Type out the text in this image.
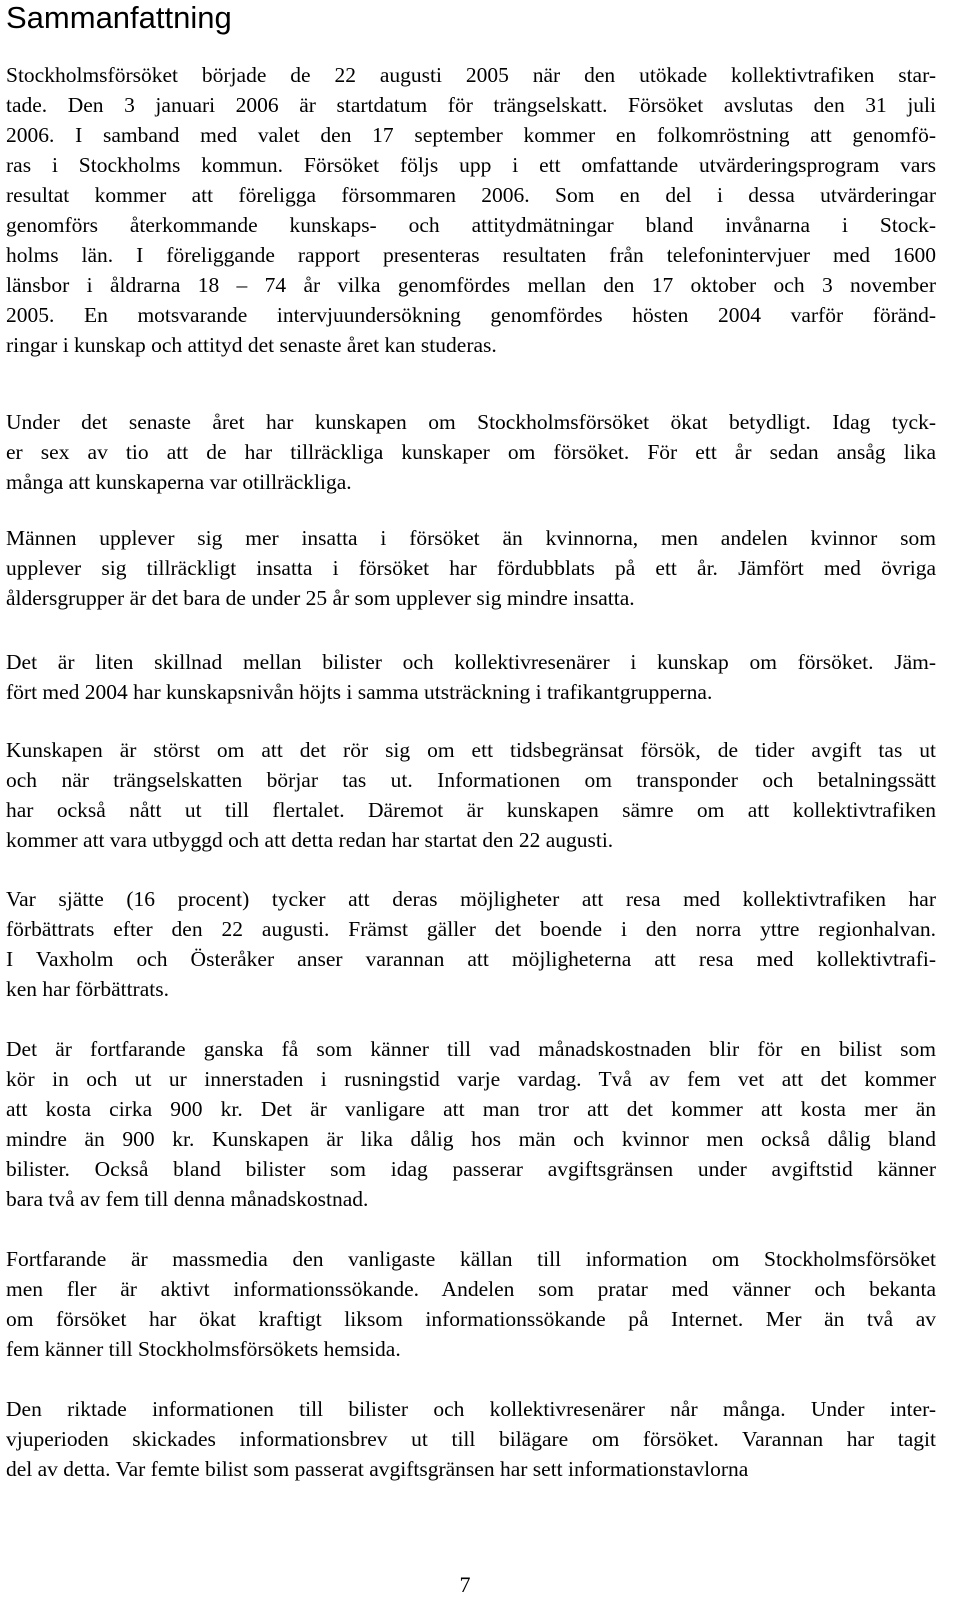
Sammanfattning

Stockholmsförsöket började de 22 augusti 2005 när den utökade kollektivtrafiken star-
tade. Den 3 januari 2006 är startdatum för trängselskatt. Försöket avslutas den 31 juli
2006. I samband med valet den 17 september kommer en folkomröstning att genomfö-
ras i Stockholms kommun. Försöket följs upp i ett omfattande utvärderingsprogram vars
resultat kommer att föreligga försommaren 2006. Som en del i dessa utvärderingar
genomförs återkommande kunskaps- och attitydmätningar bland invånarna i Stock-
holms län. I föreliggande rapport presenteras resultaten från telefonintervjuer med 1600
länsbor i åldrarna 18 – 74 år vilka genomfördes mellan den 17 oktober och 3 november
2005. En motsvarande intervjuundersökning genomfördes hösten 2004 varför föränd-
ringar i kunskap och attityd det senaste året kan studeras.

Under det senaste året har kunskapen om Stockholmsförsöket ökat betydligt. Idag tyck-
er sex av tio att de har tillräckliga kunskaper om försöket. För ett år sedan ansåg lika
många att kunskaperna var otillräckliga.

Männen upplever sig mer insatta i försöket än kvinnorna, men andelen kvinnor som
upplever sig tillräckligt insatta i försöket har fördubblats på ett år. Jämfört med övriga
åldersgrupper är det bara de under 25 år som upplever sig mindre insatta.

Det är liten skillnad mellan bilister och kollektivresenärer i kunskap om försöket. Jäm-
fört med 2004 har kunskapsnivån höjts i samma utsträckning i trafikantgrupperna.

Kunskapen är störst om att det rör sig om ett tidsbegränsat försök, de tider avgift tas ut
och när trängselskatten börjar tas ut. Informationen om transponder och betalningssätt
har också nått ut till flertalet. Däremot är kunskapen sämre om att kollektivtrafiken
kommer att vara utbyggd och att detta redan har startat den 22 augusti.

Var sjätte (16 procent) tycker att deras möjligheter att resa med kollektivtrafiken har
förbättrats efter den 22 augusti. Främst gäller det boende i den norra yttre regionhalvan.
I Vaxholm och Österåker anser varannan att möjligheterna att resa med kollektivtrafi-
ken har förbättrats.

Det är fortfarande ganska få som känner till vad månadskostnaden blir för en bilist som
kör in och ut ur innerstaden i rusningstid varje vardag. Två av fem vet att det kommer
att kosta cirka 900 kr. Det är vanligare att man tror att det kommer att kosta mer än
mindre än 900 kr. Kunskapen är lika dålig hos män och kvinnor men också dålig bland
bilister. Också bland bilister som idag passerar avgiftsgränsen under avgiftstid känner
bara två av fem till denna månadskostnad.

Fortfarande är massmedia den vanligaste källan till information om Stockholmsförsöket
men fler är aktivt informationssökande. Andelen som pratar med vänner och bekanta
om försöket har ökat kraftigt liksom informationssökande på Internet. Mer än två av
fem känner till Stockholmsförsökets hemsida.

Den riktade informationen till bilister och kollektivresenärer når många. Under inter-
vjuperioden skickades informationsbrev ut till bilägare om försöket. Varannan har tagit
del av detta. Var femte bilist som passerat avgiftsgränsen har sett informationstavlorna

7
